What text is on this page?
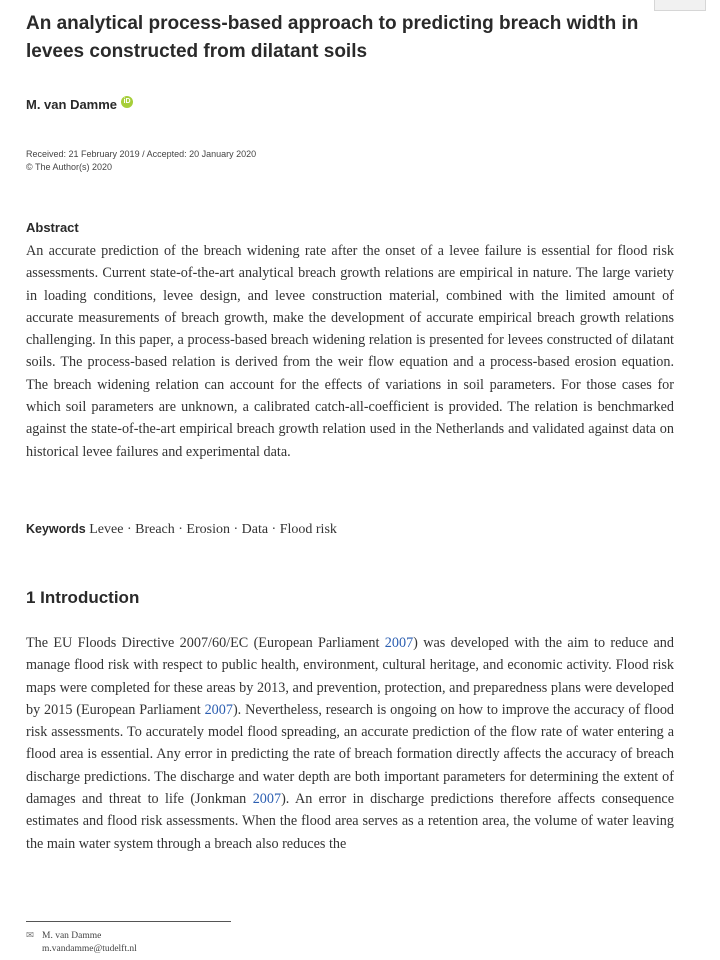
An analytical process-based approach to predicting breach width in levees constructed from dilatant soils
M. van Damme iD
Received: 21 February 2019 / Accepted: 20 January 2020
© The Author(s) 2020
Abstract

An accurate prediction of the breach widening rate after the onset of a levee failure is essential for flood risk assessments. Current state-of-the-art analytical breach growth relations are empirical in nature. The large variety in loading conditions, levee design, and levee construction material, combined with the limited amount of accurate measurements of breach growth, make the development of accurate empirical breach growth relations challenging. In this paper, a process-based breach widening relation is presented for levees constructed of dilatant soils. The process-based relation is derived from the weir flow equation and a process-based erosion equation. The breach widening relation can account for the effects of variations in soil parameters. For those cases for which soil parameters are unknown, a calibrated catch-all-coefficient is provided. The relation is benchmarked against the state-of-the-art empirical breach growth relation used in the Netherlands and validated against data on historical levee failures and experimental data.

Keywords Levee · Breach · Erosion · Data · Flood risk
1 Introduction

The EU Floods Directive 2007/60/EC (European Parliament 2007) was developed with the aim to reduce and manage flood risk with respect to public health, environment, cultural heritage, and economic activity. Flood risk maps were completed for these areas by 2013, and prevention, protection, and preparedness plans were developed by 2015 (European Parliament 2007). Nevertheless, research is ongoing on how to improve the accuracy of flood risk assessments. To accurately model flood spreading, an accurate prediction of the flow rate of water entering a flood area is essential. Any error in predicting the rate of breach formation directly affects the accuracy of breach discharge predictions. The discharge and water depth are both important parameters for determining the extent of damages and threat to life (Jonkman 2007). An error in discharge predictions therefore affects consequence estimates and flood risk assessments. When the flood area serves as a retention area, the volume of water leaving the main water system through a breach also reduces the

✉ M. van Damme
m.vandamme@tudelft.nl
